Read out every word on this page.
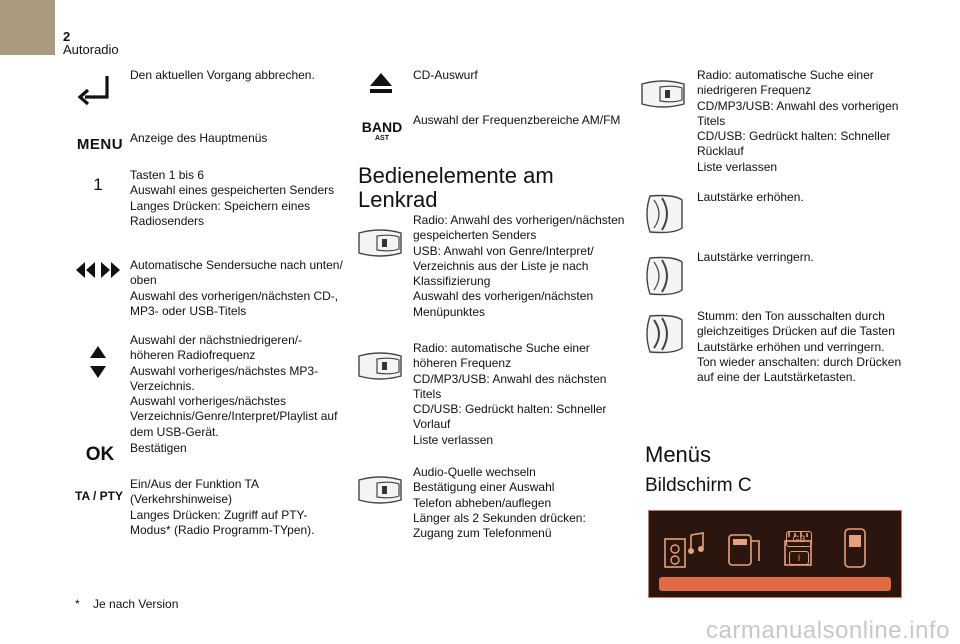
2
Autoradio
Den aktuellen Vorgang abbrechen.
MENU Anzeige des Hauptmenüs
1 Tasten 1 bis 6
Auswahl eines gespeicherten Senders
Langes Drücken: Speichern eines
Radiosenders
Automatische Sendersuche nach unten/
oben
Auswahl des vorherigen/nächsten CD-,
MP3- oder USB-Titels
Auswahl der nächstniedrigeren/-
höheren Radiofrequenz
Auswahl vorheriges/nächstes MP3-
Verzeichnis.
Auswahl vorheriges/nächstes
Verzeichnis/Genre/Interpret/Playlist auf
dem USB-Gerät.
OK Bestätigen
TA / PTY
Ein/Aus der Funktion TA
(Verkehrshinweise)
Langes Drücken: Zugriff auf PTY-
Modus* (Radio Programm-TYpen).
* Je nach Version
CD-Auswurf
BAND
AST
Auswahl der Frequenzbereiche AM/FM
Bedienelemente am
Lenkrad
Radio: Anwahl des vorherigen/nächsten
gespeicherten Senders
USB: Anwahl von Genre/Interpret/
Verzeichnis aus der Liste je nach
Klassifizierung
Auswahl des vorherigen/nächsten
Menüpunktes
Radio: automatische Suche einer
höheren Frequenz
CD/MP3/USB: Anwahl des nächsten
Titels
CD/USB: Gedrückt halten: Schneller
Vorlauf
Liste verlassen
Audio-Quelle wechseln
Bestätigung einer Auswahl
Telefon abheben/auflegen
Länger als 2 Sekunden drücken:
Zugang zum Telefonmenü
Radio: automatische Suche einer
niedrigeren Frequenz
CD/MP3/USB: Anwahl des vorherigen
Titels
CD/USB: Gedrückt halten: Schneller
Rücklauf
Liste verlassen
Lautstärke erhöhen.
Lautstärke verringern.
Stumm: den Ton ausschalten durch
gleichzeitiges Drücken auf die Tasten
Lautstärke erhöhen und verringern.
Ton wieder anschalten: durch Drücken
auf eine der Lautstärketasten.
Menüs
Bildschirm C
GB
I
carmanualsonline.info
